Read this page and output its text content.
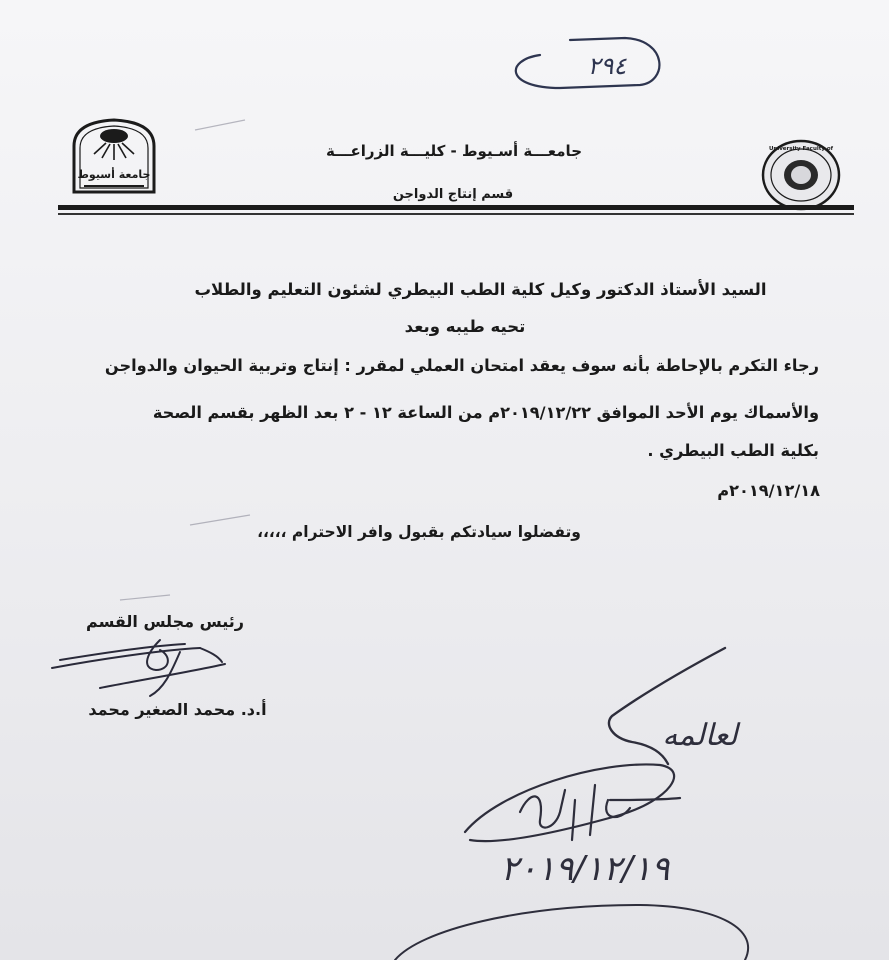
٢٩٤
جامعة أسيوط
University Faculty of
جامعـــة أسـيوط - كليـــة الزراعـــة
قسم إنتاج الدواجن
السيد الأستاذ الدكتور وكيل كلية الطب البيطري لشئون التعليم والطلاب
تحيه طيبه وبعد
رجاء التكرم بالإحاطة بأنه سوف يعقد امتحان العملي لمقرر : إنتاج وتربية الحيوان والدواجن
والأسماك يوم الأحد الموافق ٢٠١٩/١٢/٢٢م من الساعة ١٢ - ٢ بعد الظهر بقسم الصحة
بكلية الطب البيطري .
٢٠١٩/١٢/١٨م
وتفضلوا سيادتكم بقبول وافر الاحترام ،،،،،
رئيس مجلس القسم
أ.د. محمد الصغير محمد
لعالمه
٢٠١٩/١٢/١٩
